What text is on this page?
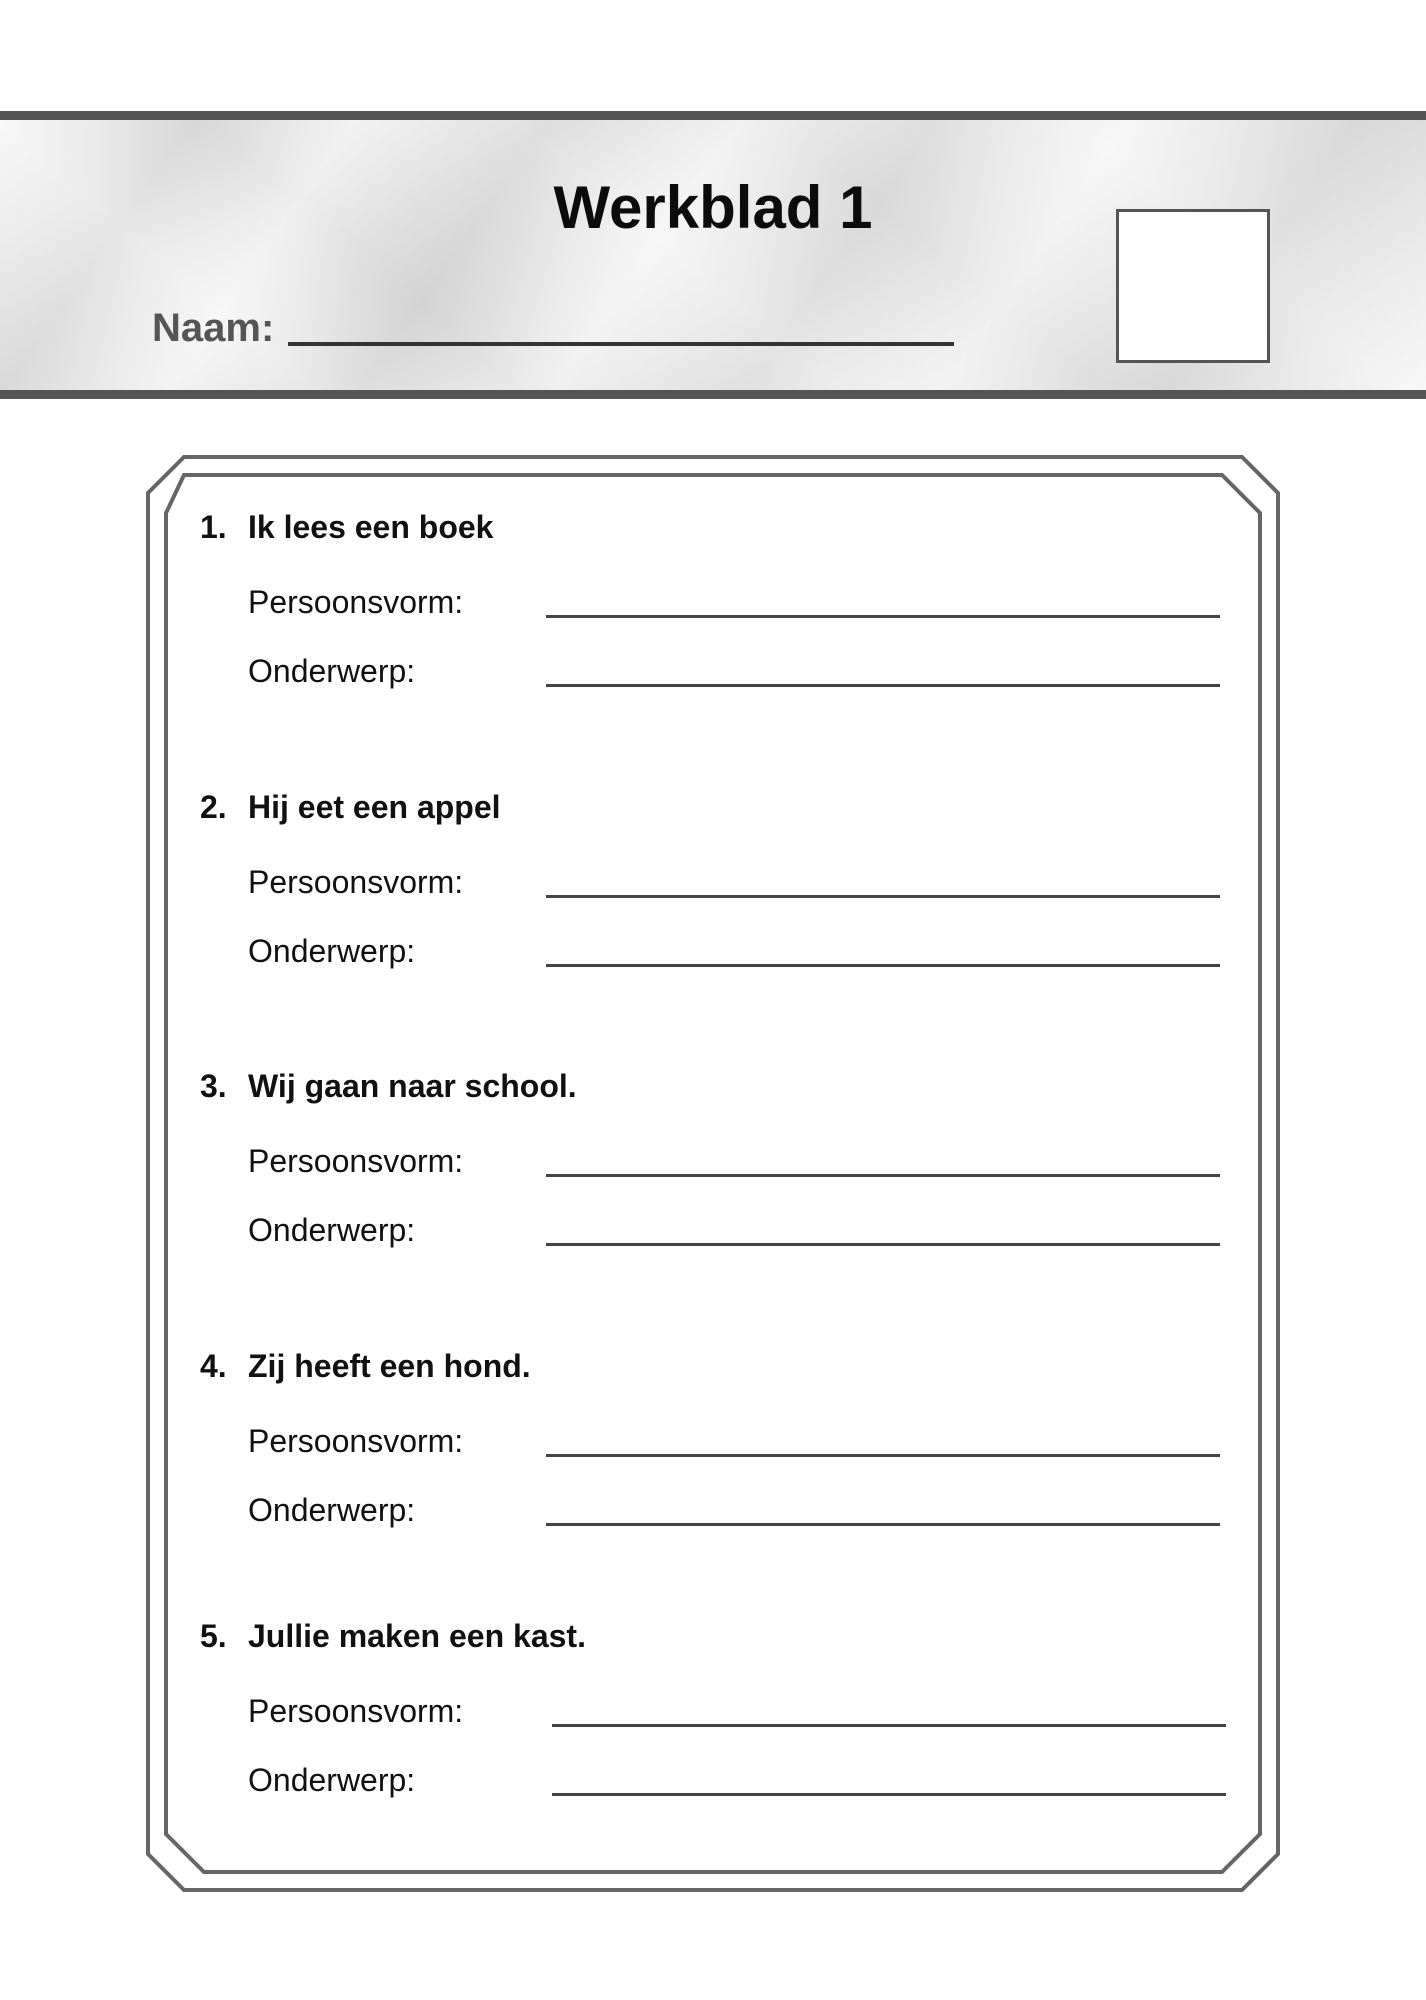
Werkblad 1
Naam:
1. Ik lees een boek
Persoonsvorm:
Onderwerp:
2. Hij eet een appel
Persoonsvorm:
Onderwerp:
3. Wij gaan naar school.
Persoonsvorm:
Onderwerp:
4. Zij heeft een hond.
Persoonsvorm:
Onderwerp:
5. Jullie maken een kast.
Persoonsvorm:
Onderwerp:
